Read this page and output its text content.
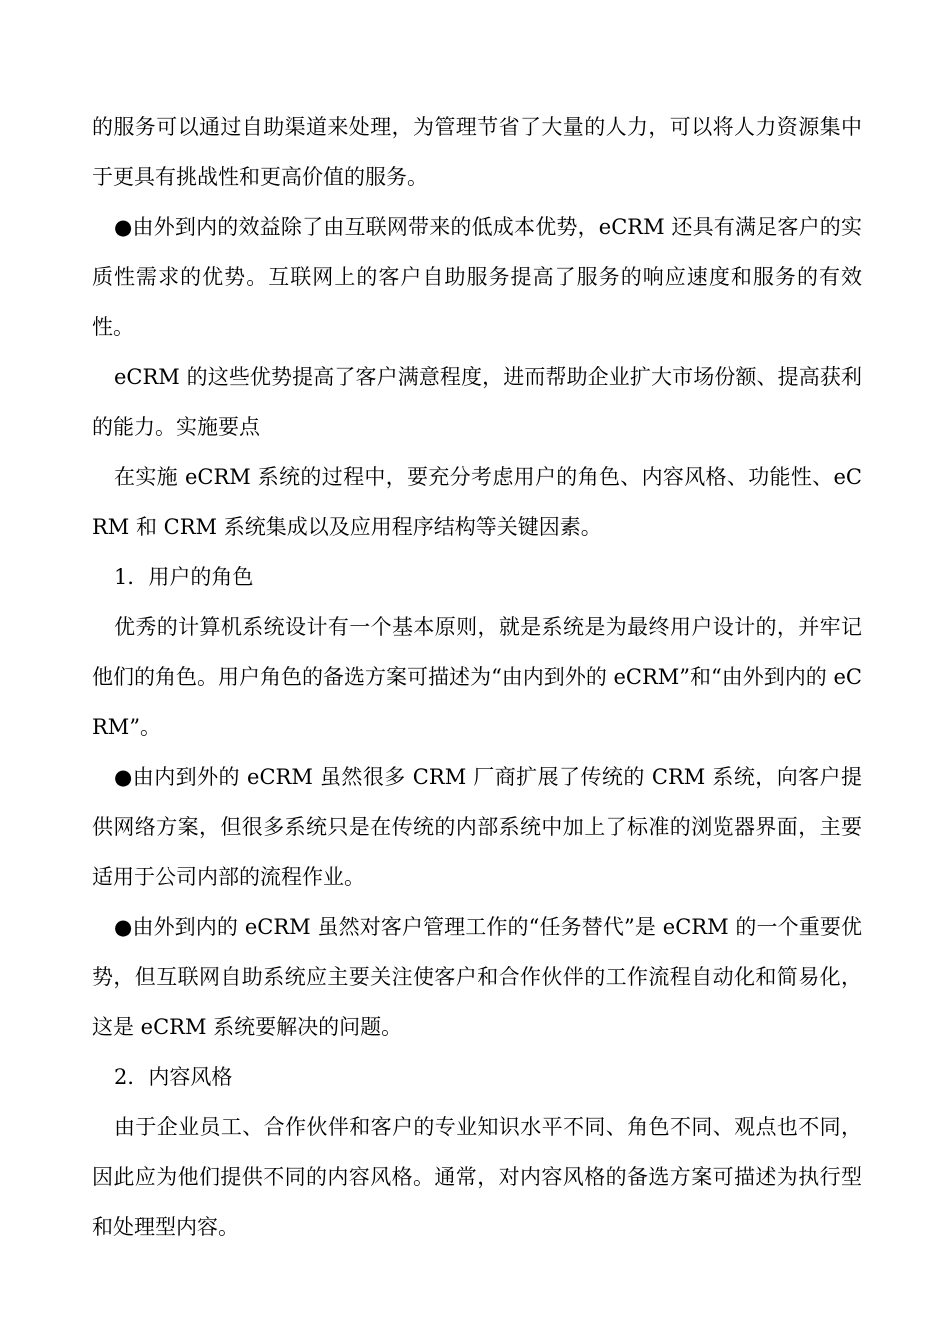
的服务可以通过自助渠道来处理，为管理节省了大量的人力，可以将人力资源集中于更具有挑战性和更高价值的服务。

●由外到内的效益除了由互联网带来的低成本优势，eCRM 还具有满足客户的实质性需求的优势。互联网上的客户自助服务提高了服务的响应速度和服务的有效性。

eCRM 的这些优势提高了客户满意程度，进而帮助企业扩大市场份额、提高获利的能力。实施要点

在实施 eCRM 系统的过程中，要充分考虑用户的角色、内容风格、功能性、eCRM 和 CRM 系统集成以及应用程序结构等关键因素。

1．用户的角色

优秀的计算机系统设计有一个基本原则，就是系统是为最终用户设计的，并牢记他们的角色。用户角色的备选方案可描述为“由内到外的 eCRM”和“由外到内的 eCRM”。

●由内到外的 eCRM 虽然很多 CRM 厂商扩展了传统的 CRM 系统，向客户提供网络方案，但很多系统只是在传统的内部系统中加上了标准的浏览器界面，主要适用于公司内部的流程作业。

●由外到内的 eCRM 虽然对客户管理工作的“任务替代”是 eCRM 的一个重要优势，但互联网自助系统应主要关注使客户和合作伙伴的工作流程自动化和简易化，这是 eCRM 系统要解决的问题。

2．内容风格

由于企业员工、合作伙伴和客户的专业知识水平不同、角色不同、观点也不同，因此应为他们提供不同的内容风格。通常，对内容风格的备选方案可描述为执行型和处理型内容。
